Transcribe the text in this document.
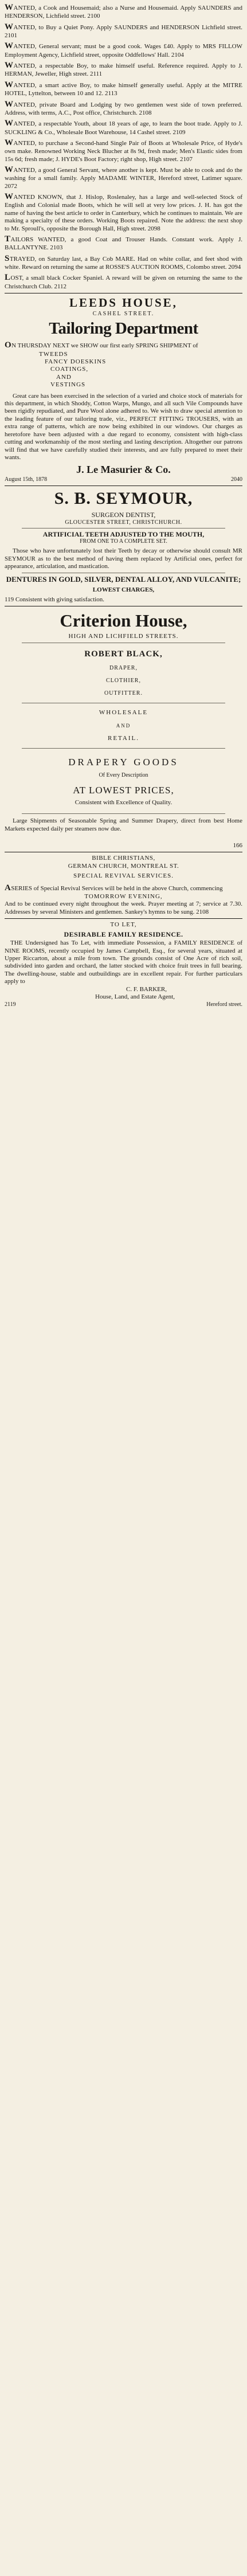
WANTED, a Cook and Housemaid; also a Nurse and Housemaid. Apply SAUNDERS and HENDERSON, Lichfield street. 2100

WANTED, to Buy a Quiet Pony. Apply SAUNDERS and HENDERSON Lichfield street. 2101

WANTED, General servant; must be a good cook. Wages £40. Apply to MRS FILLOW Employment Agency, Lichfield street, opposite Oddfellows' Hall. 2104

WANTED, a respectable Boy, to make himself useful. Reference required. Apply to J. HERMAN, Jeweller, High street. 2111

WANTED, a smart active Boy, to make himself generally useful. Apply at the MITRE HOTEL, Lyttelton, between 10 and 12. 2113

WANTED, private Board and Lodging by two gentlemen west side of town preferred. Address, with terms, A.C., Post office, Christchurch. 2108

WANTED, a respectable Youth, about 18 years of age, to learn the boot trade. Apply to J. SUCKLING & Co., Wholesale Boot Warehouse, 14 Cashel street. 2109

WANTED, to purchase a Second-hand Single Pair of Boots at Wholesale Price, of Hyde's own make. Renowned Working Neck Blucher at 8s 9d, fresh made; Men's Elastic sides from 15s 6d; fresh made; J. HYDE's Boot Factory; right shop, High street. 2107

WANTED, a good General Servant, where another is kept. Must be able to cook and do the washing for a small family. Apply MADAME WINTER, Hereford street, Latimer square. 2072

WANTED KNOWN, that J. Hislop, Roslenaley, has a large and well-selected Stock of English and Colonial made Boots, which he will sell at very low prices. J. H. has got the name of having the best article to order in Canterbury, which he continues to maintain. We are making a specialty of these orders. Working Boots repaired. Note the address: the next shop to Mr. Sproull's, opposite the Borough Hall, High street. 2098

TAILORS WANTED, a good Coat and Trouser Hands. Constant work. Apply J. BALLANTYNE. 2103

STRAYED, on Saturday last, a Bay Cob MARE. Had on white collar, and feet shod with white. Reward on returning the same at ROSSE'S AUCTION ROOMS, Colombo street. 2094

LOST, a small black Cocker Spaniel. A reward will be given on returning the same to the Christchurch Club. 2112

LEEDS HOUSE,
CASHEL STREET.
Tailoring Department

ON THURSDAY NEXT we SHOW our first early SPRING SHIPMENT of

TWEEDS

FANCY DOESKINS

COATINGS,

AND

VESTINGS

Great care has been exercised in the selection of a varied and choice stock of materials for this department, in which Shoddy, Cotton Warps, Mungo, and all such Vile Compounds have been rigidly repudiated, and Pure Wool alone adhered to. We wish to draw special attention to the leading feature of our tailoring trade, viz., PERFECT FITTING TROUSERS, with an extra range of patterns, which are now being exhibited in our windows. Our charges as heretofore have been adjusted with a due regard to economy, consistent with high-class cutting and workmanship of the most sterling and lasting description. Altogether our patrons will find that we have carefully studied their interests, and are fully prepared to meet their wants.

J. Le Masurier & Co.
August 15th, 1878	2040
S. B. SEYMOUR,
SURGEON DENTIST,
GLOUCESTER STREET, CHRISTCHURCH.
ARTIFICIAL TEETH ADJUSTED TO THE MOUTH,
FROM ONE TO A COMPLETE SET.

Those who have unfortunately lost their Teeth by decay or otherwise should consult MR SEYMOUR as to the best method of having them replaced by Artificial ones, perfect for appearance, articulation, and mastication.

DENTURES IN GOLD, SILVER, DENTAL ALLOY, AND VULCANITE;
LOWEST CHARGES,
119 Consistent with giving satisfaction.
Criterion House,
HIGH AND LICHFIELD STREETS.
ROBERT BLACK,
DRAPER,
CLOTHIER,
OUTFITTER.
WHOLESALE
AND
RETAIL.
DRAPERY GOODS
Of Every Description
AT LOWEST PRICES,
Consistent with Excellence of Quality.

Large Shipments of Seasonable Spring and Summer Drapery, direct from best Home Markets expected daily per steamers now due.

166
BIBLE CHRISTIANS,
GERMAN CHURCH, MONTREAL ST.
SPECIAL REVIVAL SERVICES.

ASERIES of Special Revival Services will be held in the above Church, commencing

TOMORROW EVENING,

And to be continued every night throughout the week. Prayer meeting at 7; service at 7.30. Addresses by several Ministers and gentlemen. Sankey's hymns to be sung. 2108

TO LET,
DESIRABLE FAMILY RESIDENCE.

THE Undersigned has To Let, with immediate Possession, a FAMILY RESIDENCE of NINE ROOMS, recently occupied by James Campbell, Esq., for several years, situated at Upper Riccarton, about a mile from town. The grounds consist of One Acre of rich soil, subdivided into garden and orchard, the latter stocked with choice fruit trees in full bearing. The dwelling-house, stable and outbuildings are in excellent repair. For further particulars apply to

C. F. BARKER,
House, Land, and Estate Agent,
2119	Hereford street.
